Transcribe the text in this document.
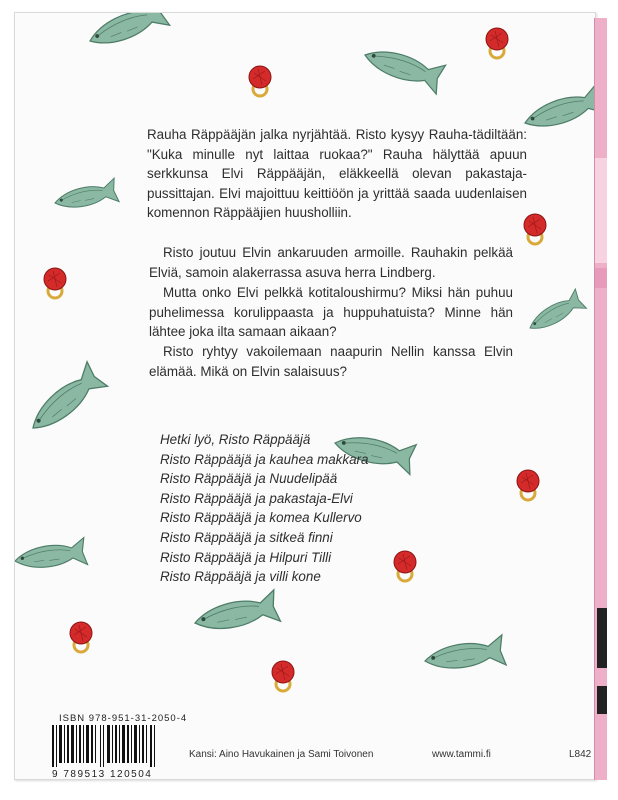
Rauha Räppääjän jalka nyrjähtää. Risto kysyy Rauha-tädiltään: "Kuka minulle nyt laittaa ruokaa?" Rauha hälyttää apuun serkkunsa Elvi Räppääjän, eläkkeellä olevan pakastaja-pussittajan. Elvi majoittuu keittiöön ja yrittää saada uudenlaisen komennon Räppääjien huusholliin.

Risto joutuu Elvin ankaruuden armoille. Rauhakin pelkää Elviä, samoin alakerrassa asuva herra Lindberg.

Mutta onko Elvi pelkkä kotitaloushirmu? Miksi hän puhuu puhelimessa korulippaasta ja huppuhatuista? Minne hän lähtee joka ilta samaan aikaan?

Risto ryhtyy vakoilemaan naapurin Nellin kanssa Elvin elämää. Mikä on Elvin salaisuus?

Hetki lyö, Risto Räppääjä
Risto Räppääjä ja kauhea makkara
Risto Räppääjä ja Nuudelipää
Risto Räppääjä ja pakastaja-Elvi
Risto Räppääjä ja komea Kullervo
Risto Räppääjä ja sitkeä finni
Risto Räppääjä ja Hilpuri Tilli
Risto Räppääjä ja villi kone
ISBN 978-951-31-2050-4
9 789513 120504
Kansi: Aino Havukainen ja Sami Toivonen	www.tammi.fi	L842
